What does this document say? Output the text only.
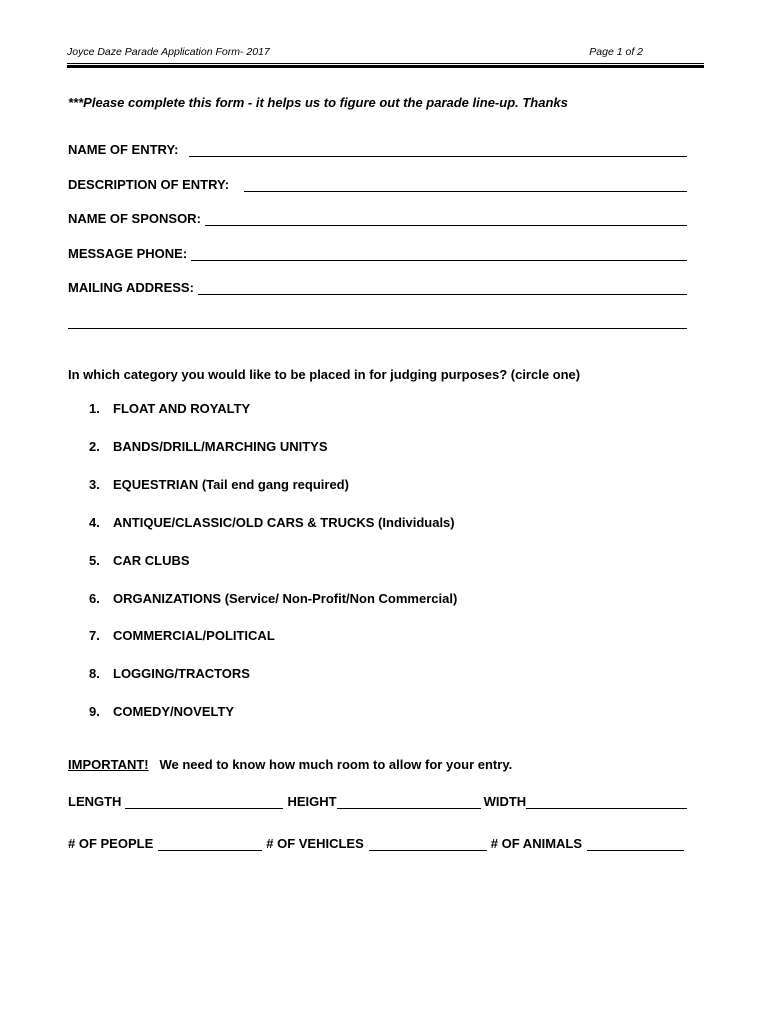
Joyce Daze Parade Application Form- 2017	Page 1 of 2
***Please complete this form - it helps us to figure out the parade line-up. Thanks
NAME OF ENTRY:

DESCRIPTION OF ENTRY:

NAME OF SPONSOR:

MESSAGE PHONE:

MAILING ADDRESS:

In which category you would like to be placed in for judging purposes? (circle one)
1.	FLOAT AND ROYALTY
2.	BANDS/DRILL/MARCHING UNITYS
3.	EQUESTRIAN (Tail end gang required)
4.	ANTIQUE/CLASSIC/OLD CARS & TRUCKS (Individuals)
5.	CAR CLUBS
6.	ORGANIZATIONS (Service/ Non-Profit/Non Commercial)
7.	COMMERCIAL/POLITICAL
8.	LOGGING/TRACTORS
9.	COMEDY/NOVELTY
IMPORTANT! We need to know how much room to allow for your entry.
LENGTH	HEIGHT	WIDTH
# OF PEOPLE	# OF VEHICLES	# OF ANIMALS
